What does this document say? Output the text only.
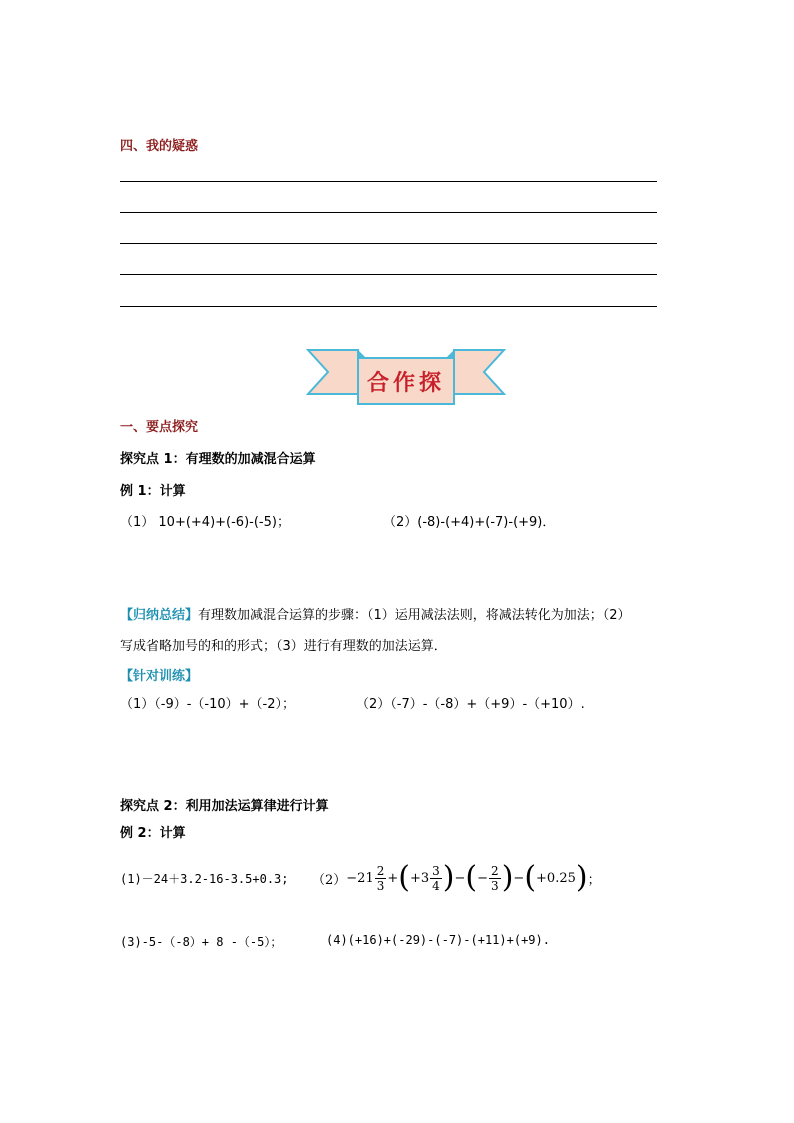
四、我的疑惑
合作探
一、要点探究
探究点 1：有理数的加减混合运算
例 1：计算
（1） 10+(+4)+(-6)-(-5)；	（2）(-8)-(+4)+(-7)-(+9)．
【归纳总结】有理数加减混合运算的步骤：（1）运用减法法则，将减法转化为加法；（2）
写成省略加号的和的形式；（3）进行有理数的加法运算．
【针对训练】
（1）（-9）-（-10）+（-2）；	（2）（-7）-（-8）+（+9）-（+10）.
探究点 2：利用加法运算律进行计算
例 2：计算
(1)－24＋3.2-16-3.5+0.3; $(2) -21 \frac{2}{3}$ + ( $+3 \frac{3}{4}$ ) − ( − $\frac{2}{3}$ ) − ( +0.25 ) ；
(3)-5-（-8）+ 8 -（-5）；	(4)(+16)+(-29)-(-7)-(+11)+(+9).
